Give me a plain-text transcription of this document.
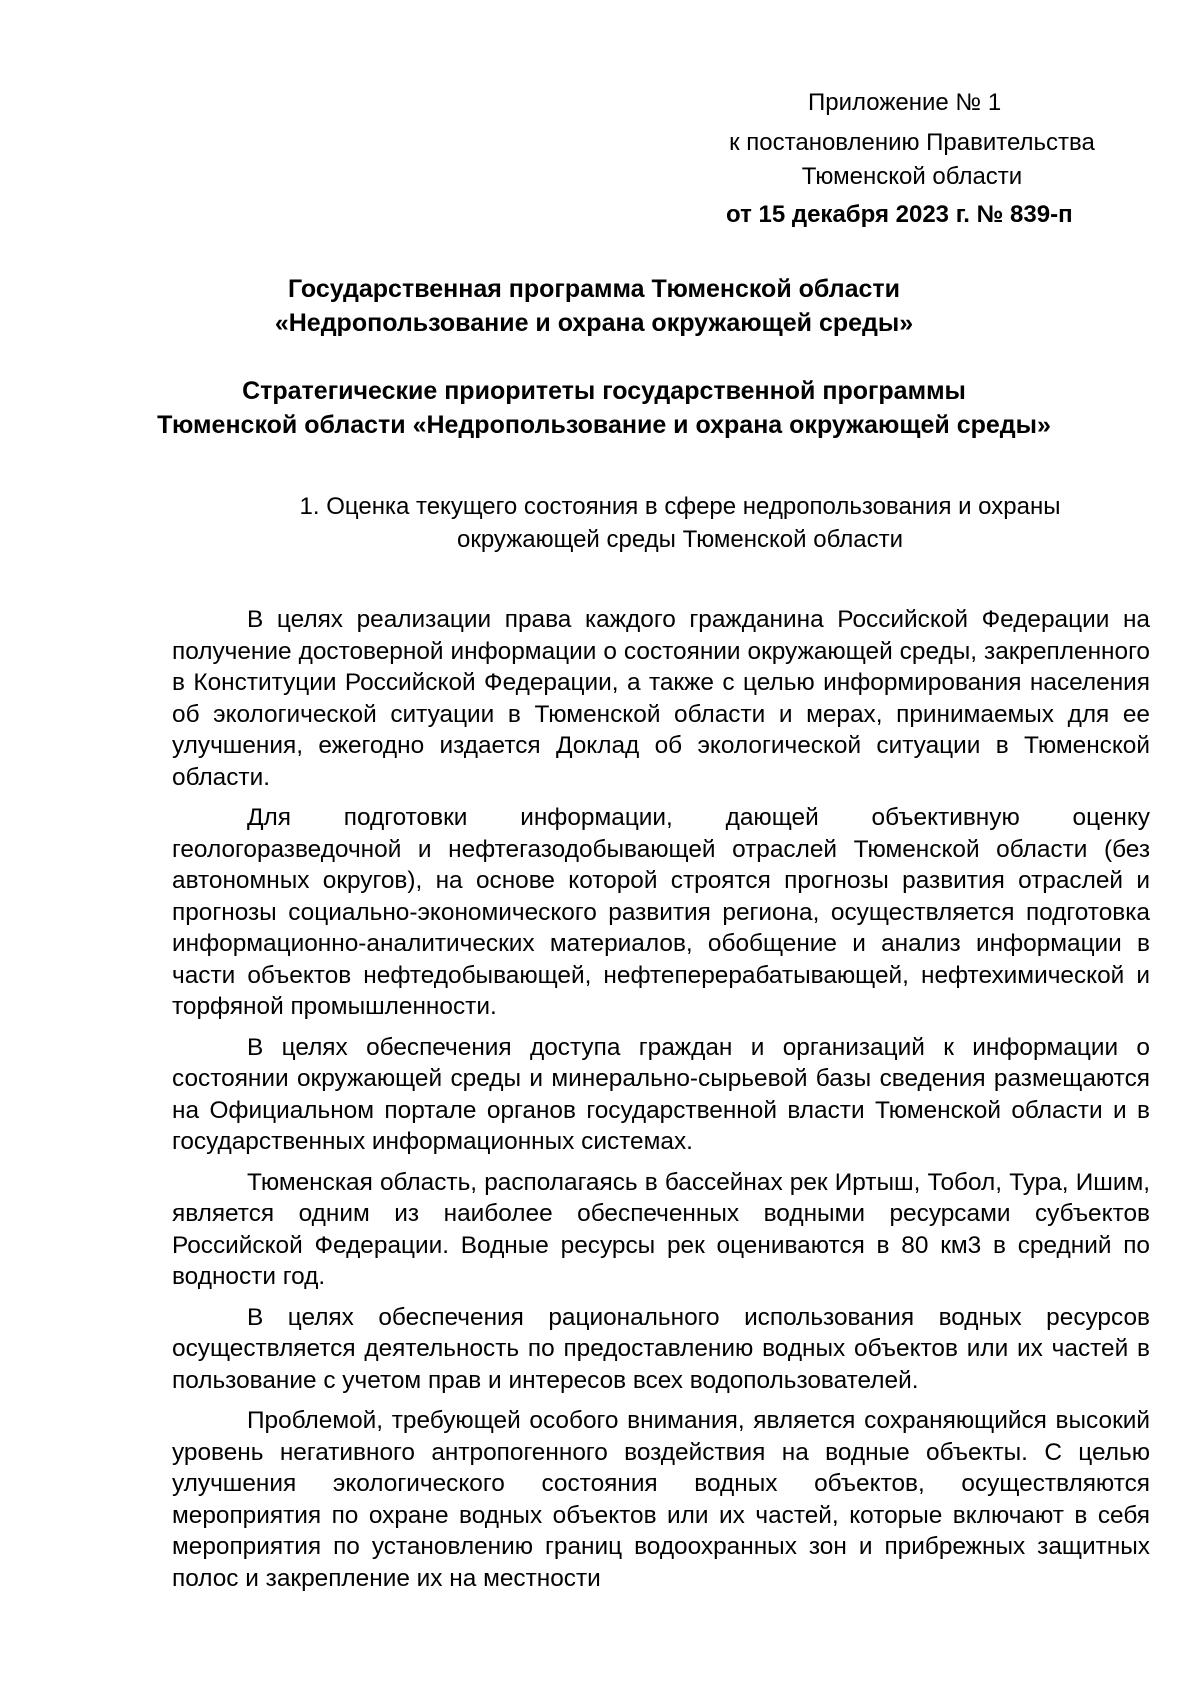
Приложение № 1
к постановлению Правительства
Тюменской области
от 15 декабря 2023 г. № 839-п
Государственная программа Тюменской области
«Недропользование и охрана окружающей среды»
Стратегические приоритеты государственной программы
Тюменской области «Недропользование и охрана окружающей среды»
1. Оценка текущего состояния в сфере недропользования и охраны
окружающей среды Тюменской области

В целях реализации права каждого гражданина Российской Федерации на получение достоверной информации о состоянии окружающей среды, закрепленного в Конституции Российской Федерации, а также с целью информирования населения об экологической ситуации в Тюменской области и мерах, принимаемых для ее улучшения, ежегодно издается Доклад об экологической ситуации в Тюменской области.

Для подготовки информации, дающей объективную оценку геологоразведочной и нефтегазодобывающей отраслей Тюменской области (без автономных округов), на основе которой строятся прогнозы развития отраслей и прогнозы социально-экономического развития региона, осуществляется подготовка информационно-аналитических материалов, обобщение и анализ информации в части объектов нефтедобывающей, нефтеперерабатывающей, нефтехимической и торфяной промышленности.

В целях обеспечения доступа граждан и организаций к информации о состоянии окружающей среды и минерально-сырьевой базы сведения размещаются на Официальном портале органов государственной власти Тюменской области и в государственных информационных системах.

Тюменская область, располагаясь в бассейнах рек Иртыш, Тобол, Тура, Ишим, является одним из наиболее обеспеченных водными ресурсами субъектов Российской Федерации. Водные ресурсы рек оцениваются в 80 км3 в средний по водности год.

В целях обеспечения рационального использования водных ресурсов осуществляется деятельность по предоставлению водных объектов или их частей в пользование с учетом прав и интересов всех водопользователей.

Проблемой, требующей особого внимания, является сохраняющийся высокий уровень негативного антропогенного воздействия на водные объекты. С целью улучшения экологического состояния водных объектов, осуществляются мероприятия по охране водных объектов или их частей, которые включают в себя мероприятия по установлению границ водоохранных зон и прибрежных защитных полос и закрепление их на местности
